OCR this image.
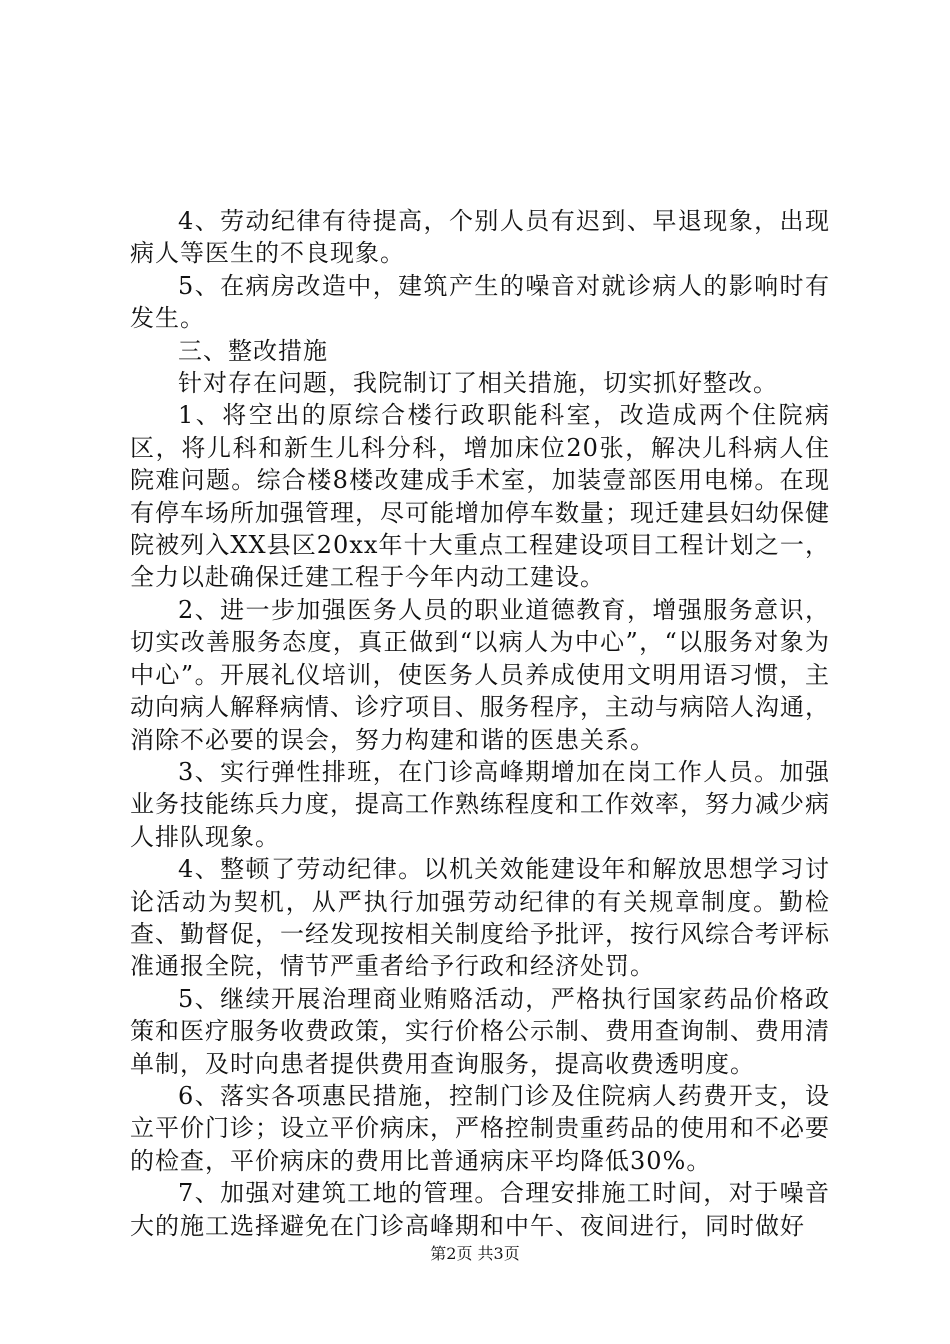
4、劳动纪律有待提高，个别人员有迟到、早退现象，出现病人等医生的不良现象。

5、在病房改造中，建筑产生的噪音对就诊病人的影响时有发生。

三、整改措施

针对存在问题，我院制订了相关措施，切实抓好整改。

1、将空出的原综合楼行政职能科室，改造成两个住院病区，将儿科和新生儿科分科，增加床位20张，解决儿科病人住院难问题。综合楼8楼改建成手术室，加装壹部医用电梯。在现有停车场所加强管理，尽可能增加停车数量；现迁建县妇幼保健院被列入XX县区20xx年十大重点工程建设项目工程计划之一，全力以赴确保迁建工程于今年内动工建设。

2、进一步加强医务人员的职业道德教育，增强服务意识，切实改善服务态度，真正做到“以病人为中心”，“以服务对象为中心”。开展礼仪培训，使医务人员养成使用文明用语习惯，主动向病人解释病情、诊疗项目、服务程序，主动与病陪人沟通，消除不必要的误会，努力构建和谐的医患关系。

3、实行弹性排班，在门诊高峰期增加在岗工作人员。加强业务技能练兵力度，提高工作熟练程度和工作效率，努力减少病人排队现象。

4、整顿了劳动纪律。以机关效能建设年和解放思想学习讨论活动为契机，从严执行加强劳动纪律的有关规章制度。勤检查、勤督促，一经发现按相关制度给予批评，按行风综合考评标准通报全院，情节严重者给予行政和经济处罚。

5、继续开展治理商业贿赂活动，严格执行国家药品价格政策和医疗服务收费政策，实行价格公示制、费用查询制、费用清单制，及时向患者提供费用查询服务，提高收费透明度。

6、落实各项惠民措施，控制门诊及住院病人药费开支，设立平价门诊；设立平价病床，严格控制贵重药品的使用和不必要的检查，平价病床的费用比普通病床平均降低30%。

7、加强对建筑工地的管理。合理安排施工时间，对于噪音大的施工选择避免在门诊高峰期和中午、夜间进行，同时做好

第2页 共3页
